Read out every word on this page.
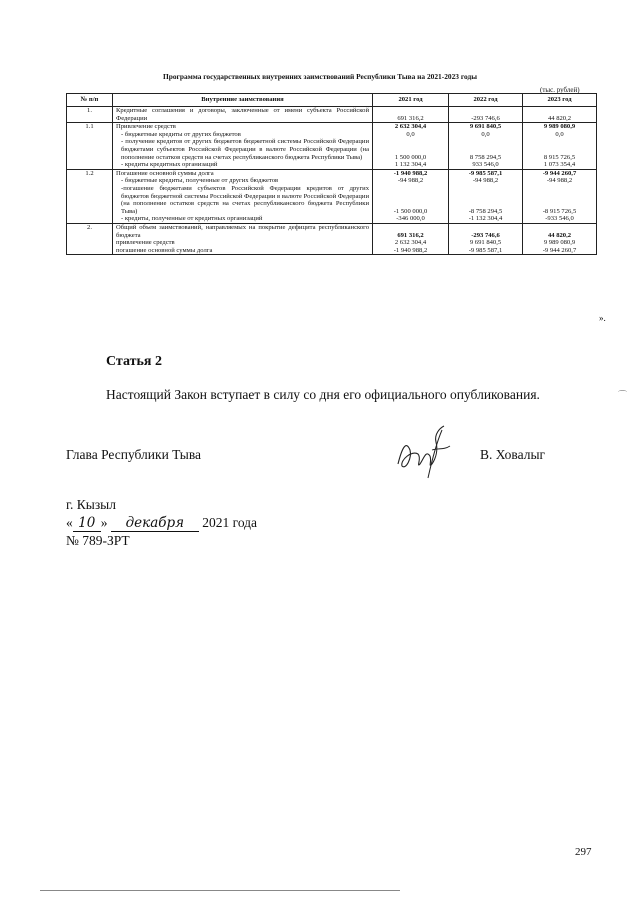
Программа государственных внутренних заимствований Республики Тыва на 2021-2023 годы
(тыс. рублей)
№ п/п	Внутренние заимствования	2021 год	2022 год	2023 год
1.	Кредитные соглашения и договоры, заключенные от имени субъекта Российской Федерации	691 316,2	-293 746,6	44 820,2
1.1	Привлечение средств	2 632 304,4	9 691 840,5	9 989 080,9
	- бюджетные кредиты от других бюджетов	0,0	0,0	0,0
	- получение кредитов от других бюджетов бюджетной системы Российской Федерации бюджетами субъектов Российской Федерации в валюте Российской Федерации (на пополнение остатков средств на счетах республиканского бюджета Республики Тыва)	1 500 000,0	8 758 294,5	8 915 726,5
	- кредиты кредитных организаций	1 132 304,4	933 546,0	1 073 354,4
1.2	Погашение основной суммы долга	-1 940 988,2	-9 985 587,1	-9 944 260,7
	- бюджетные кредиты, полученные от других бюджетов	-94 988,2	-94 988,2	-94 988,2
	-погашение бюджетами субъектов Российской Федерации кредитов от других бюджетов бюджетной системы Российской Федерации в валюте Российской Федерации (на пополнение остатков средств на счетах республиканского бюджета Республики Тыва)	-1 500 000,0	-8 758 294,5	-8 915 726,5
	- кредиты, полученные от кредитных организаций	-346 000,0	-1 132 304,4	-933 546,0
2.	Общий объем заимствований, направляемых на покрытие дефицита республиканского бюджета	691 316,2	-293 746,6	44 820,2
	привлечение средств	2 632 304,4	9 691 840,5	9 989 080,9
	погашение основной суммы долга	-1 940 988,2	-9 985 587,1	-9 944 260,7
».
Статья 2
Настоящий Закон вступает в силу со дня его официального опубликования.	⌒
Глава Республики Тыва	В. Ховалыг
г. Кызыл
« 10 » декабря 2021 года
№ 789-ЗРТ
297
